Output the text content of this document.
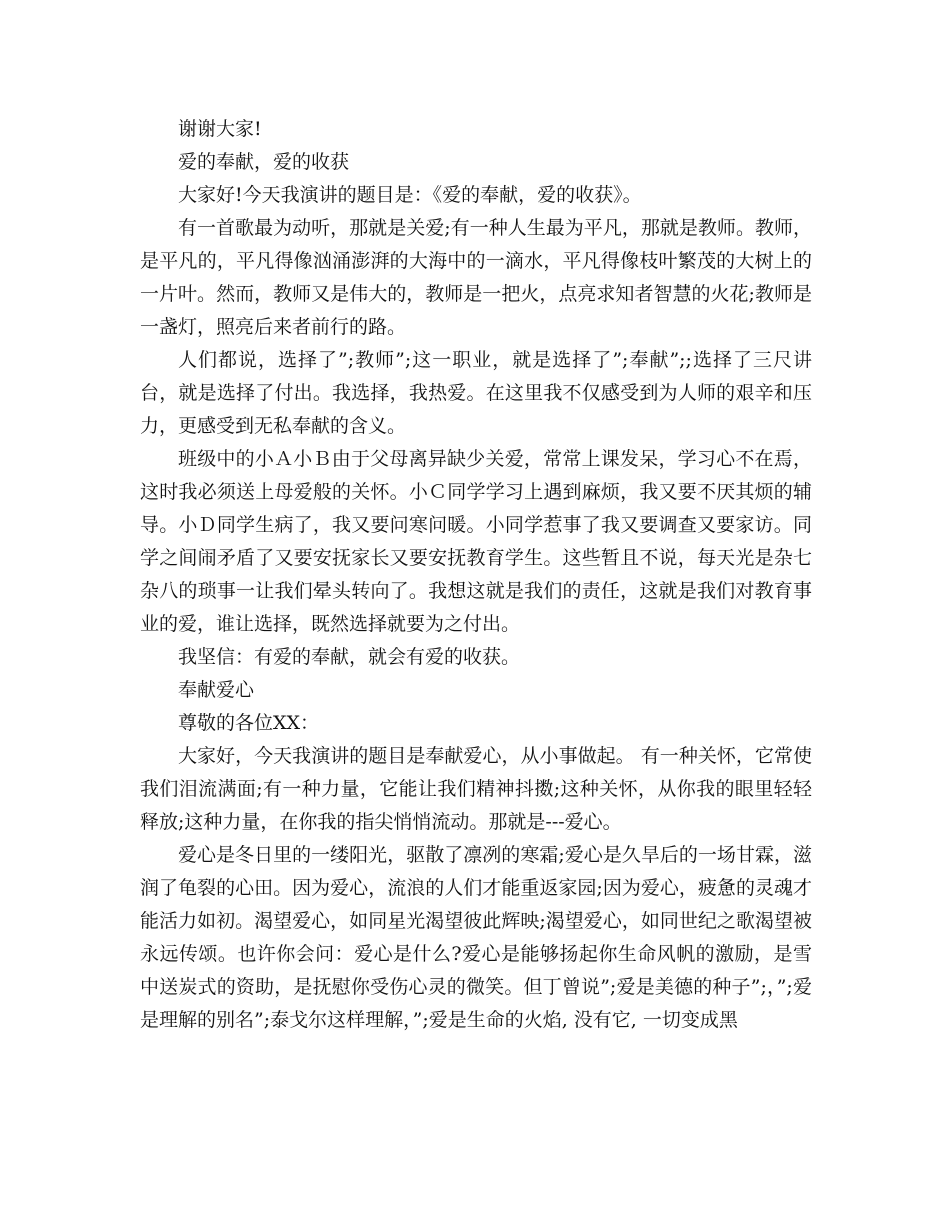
谢谢大家!

爱的奉献，爱的收获

大家好!今天我演讲的题目是：《爱的奉献，爱的收获》。

有一首歌最为动听，那就是关爱;有一种人生最为平凡，那就是教师。教师，是平凡的，平凡得像汹涌澎湃的大海中的一滴水，平凡得像枝叶繁茂的大树上的一片叶。然而，教师又是伟大的，教师是一把火，点亮求知者智慧的火花;教师是一盏灯，照亮后来者前行的路。

人们都说，选择了”;教师”;这一职业，就是选择了”;奉献”;;选择了三尺讲台，就是选择了付出。我选择，我热爱。在这里我不仅感受到为人师的艰辛和压力，更感受到无私奉献的含义。

班级中的小Ａ小Ｂ由于父母离异缺少关爱，常常上课发呆，学习心不在焉，这时我必须送上母爱般的关怀。小Ｃ同学学习上遇到麻烦，我又要不厌其烦的辅导。小Ｄ同学生病了，我又要问寒问暖。小同学惹事了我又要调查又要家访。同学之间闹矛盾了又要安抚家长又要安抚教育学生。这些暂且不说，每天光是杂七杂八的琐事一让我们晕头转向了。我想这就是我们的责任，这就是我们对教育事业的爱，谁让选择，既然选择就要为之付出。

我坚信：有爱的奉献，就会有爱的收获。

奉献爱心

尊敬的各位XX：

大家好，今天我演讲的题目是奉献爱心，从小事做起。 有一种关怀，它常使我们泪流满面;有一种力量，它能让我们精神抖擞;这种关怀，从你我的眼里轻轻释放;这种力量，在你我的指尖悄悄流动。那就是---爱心。

爱心是冬日里的一缕阳光，驱散了凛冽的寒霜;爱心是久旱后的一场甘霖，滋润了龟裂的心田。因为爱心，流浪的人们才能重返家园;因为爱心，疲惫的灵魂才能活力如初。渴望爱心，如同星光渴望彼此辉映;渴望爱心，如同世纪之歌渴望被永远传颂。也许你会问：爱心是什么?爱心是能够扬起你生命风帆的激励，是雪中送炭式的资助，是抚慰你受伤心灵的微笑。但丁曾说”;爱是美德的种子”;，”;爱是理解的别名”;泰戈尔这样理解，”;爱是生命的火焰, 没有它, 一切变成黑
